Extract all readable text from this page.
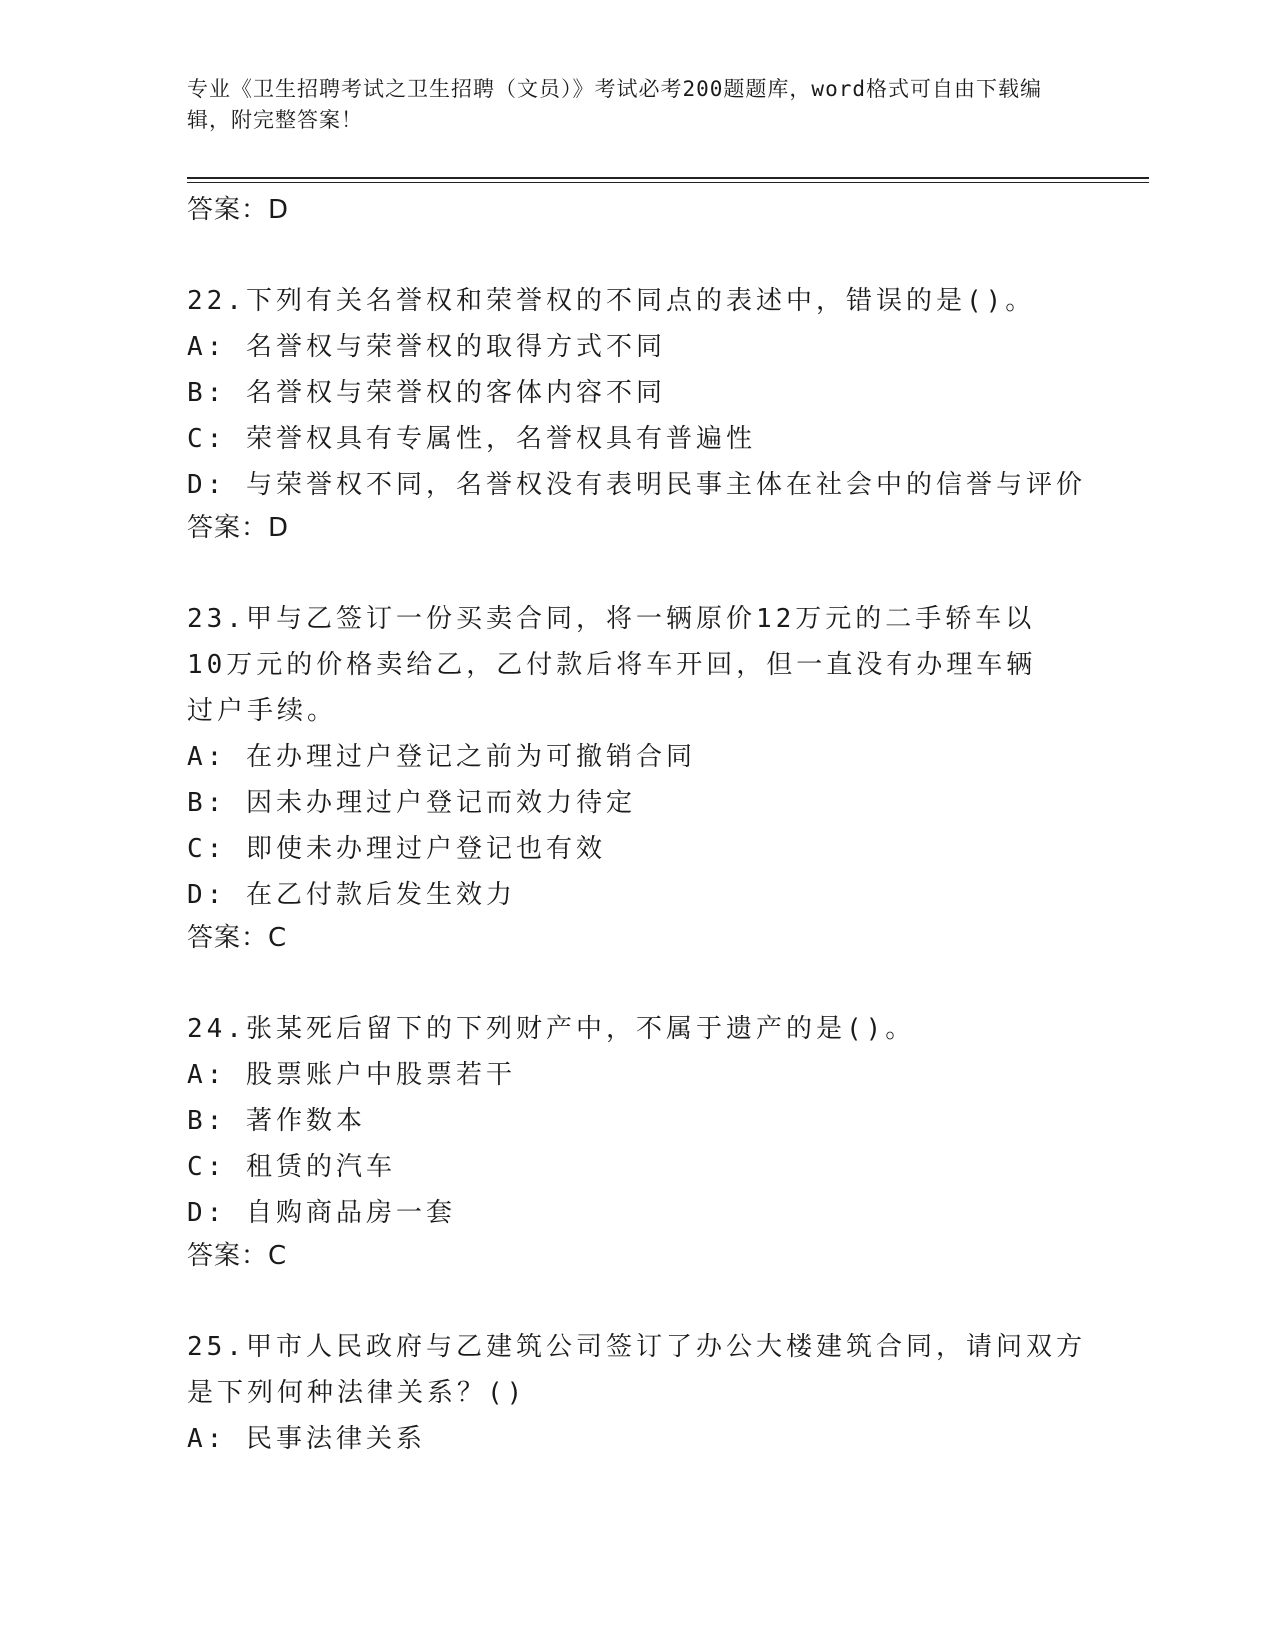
专业《卫生招聘考试之卫生招聘（文员）》考试必考200题题库，word格式可自由下载编辑，附完整答案！
答案：D
22.下列有关名誉权和荣誉权的不同点的表述中，错误的是()。
A: 名誉权与荣誉权的取得方式不同
B: 名誉权与荣誉权的客体内容不同
C: 荣誉权具有专属性，名誉权具有普遍性
D: 与荣誉权不同，名誉权没有表明民事主体在社会中的信誉与评价
答案：D
23.甲与乙签订一份买卖合同，将一辆原价12万元的二手轿车以10万元的价格卖给乙，乙付款后将车开回，但一直没有办理车辆过户手续。
A: 在办理过户登记之前为可撤销合同
B: 因未办理过户登记而效力待定
C: 即使未办理过户登记也有效
D: 在乙付款后发生效力
答案：C
24.张某死后留下的下列财产中，不属于遗产的是()。
A: 股票账户中股票若干
B: 著作数本
C: 租赁的汽车
D: 自购商品房一套
答案：C
25.甲市人民政府与乙建筑公司签订了办公大楼建筑合同，请问双方是下列何种法律关系？()
A: 民事法律关系
